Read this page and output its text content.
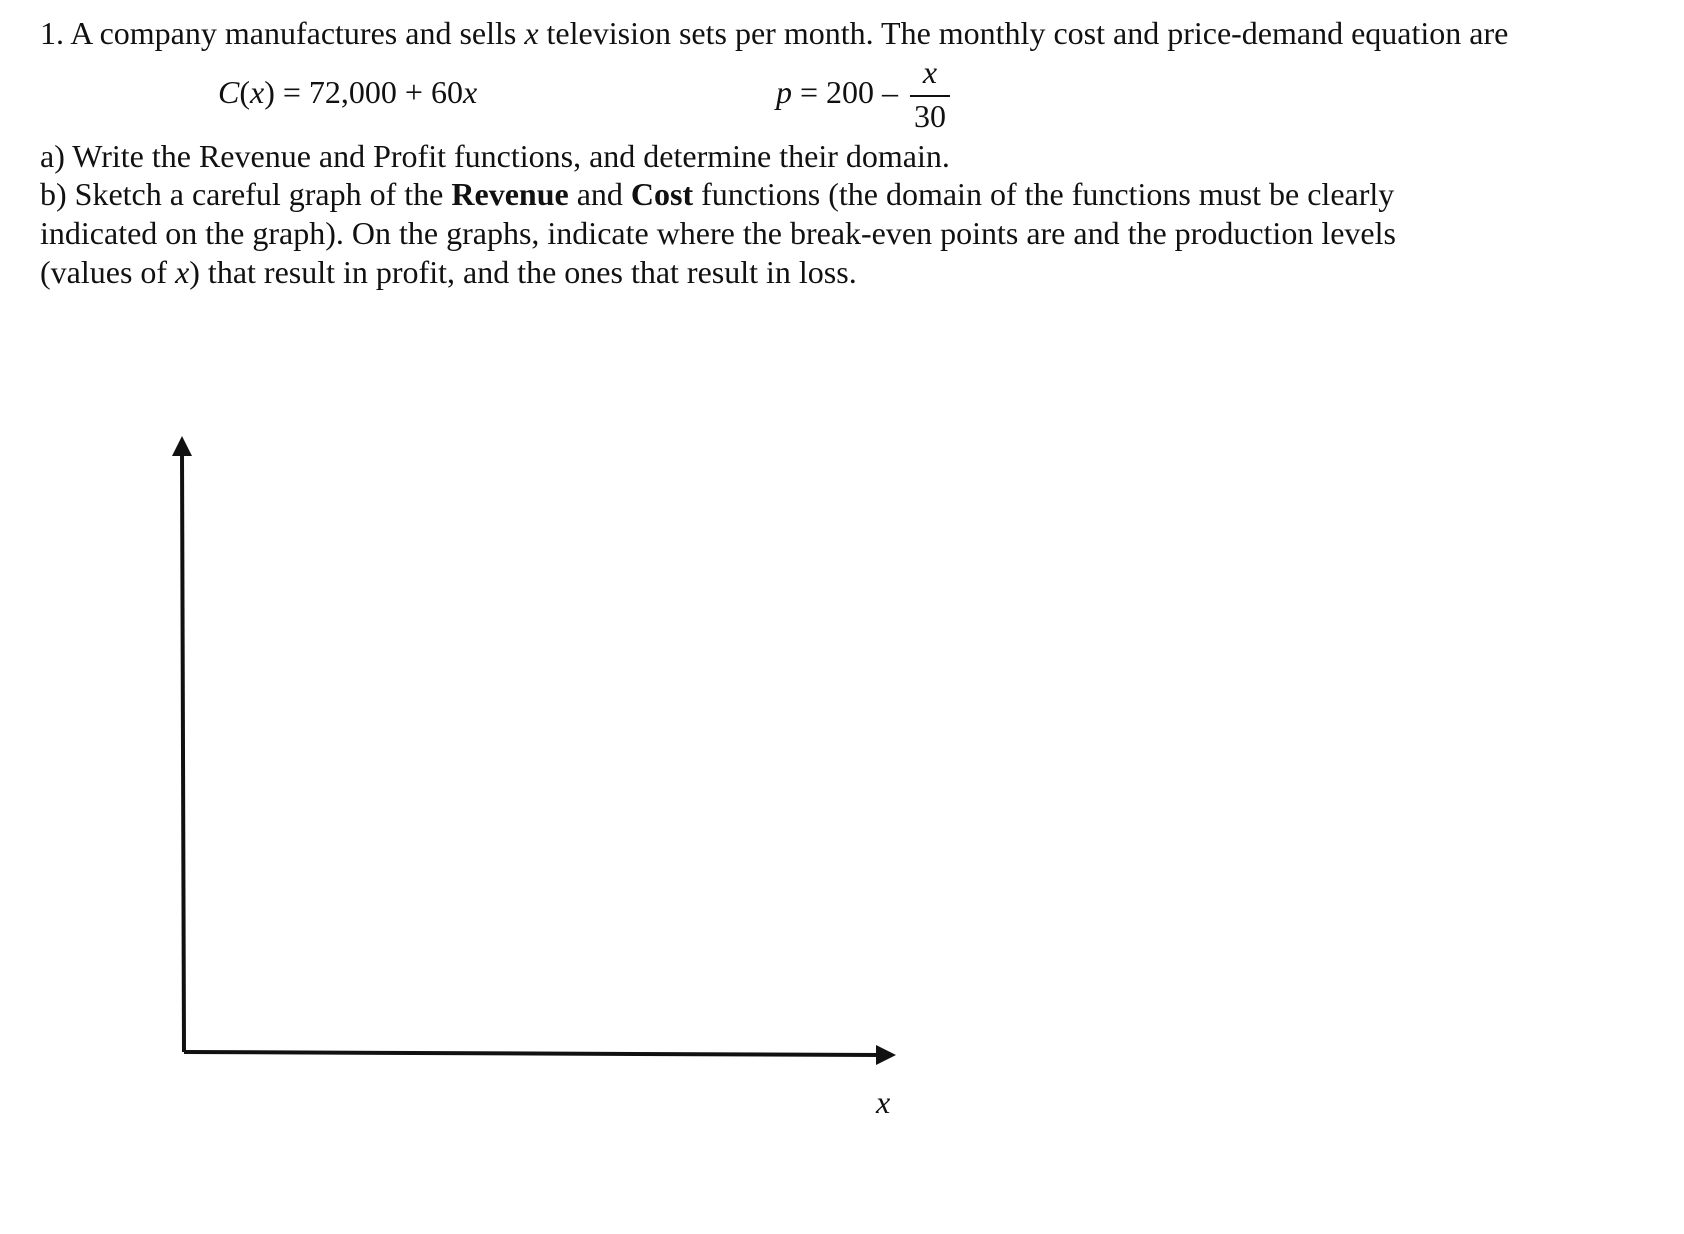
1. A company manufactures and sells x television sets per month. The monthly cost and price-demand equation are
C(x) = 72,000 + 60x	p = 200 –
x
30
a) Write the Revenue and Profit functions, and determine their domain.
b) Sketch a careful graph of the Revenue and Cost functions (the domain of the functions must be clearly
indicated on the graph). On the graphs, indicate where the break-even points are and the production levels
(values of x) that result in profit, and the ones that result in loss.
x
